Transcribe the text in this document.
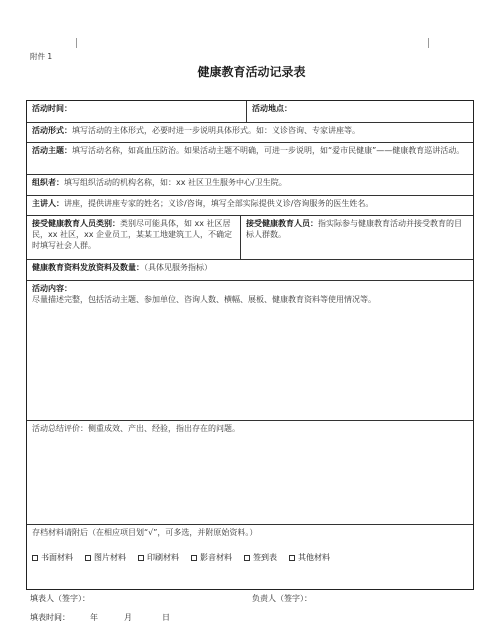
附件 1
健康教育活动记录表
活动时间：	活动地点：
活动形式：填写活动的主体形式，必要时进一步说明具体形式。如：义诊咨询、专家讲座等。
活动主题：填写活动名称，如高血压防治。如果活动主题不明确，可进一步说明，如“爱市民健康”——健康教育巡讲活动。
组织者：填写组织活动的机构名称，如：xx 社区卫生服务中心/卫生院。
主讲人：讲座，提供讲座专家的姓名；义诊/咨询，填写全部实际提供义诊/咨询服务的医生姓名。
接受健康教育人员类别：类别尽可能具体，如 xx 社区居民，xx 社区，xx 企业员工，某某工地建筑工人，不确定时填写社会人群。
接受健康教育人员：指实际参与健康教育活动并接受教育的目标人群数。
健康教育资料发放资料及数量：（具体见服务指标）
活动内容：
尽量描述完整，包括活动主题、参加单位、咨询人数、横幅、展板、健康教育资料等使用情况等。
活动总结评价：侧重成效、产出、经验，指出存在的问题。
存档材料请附后（在相应项目划“√”，可多选，并附原始资料。）
书面材料	图片材料	印刷材料	影音材料	签到表	其他材料
填表人（签字）：	负责人（签字）：
填表时间：	年	月	日
